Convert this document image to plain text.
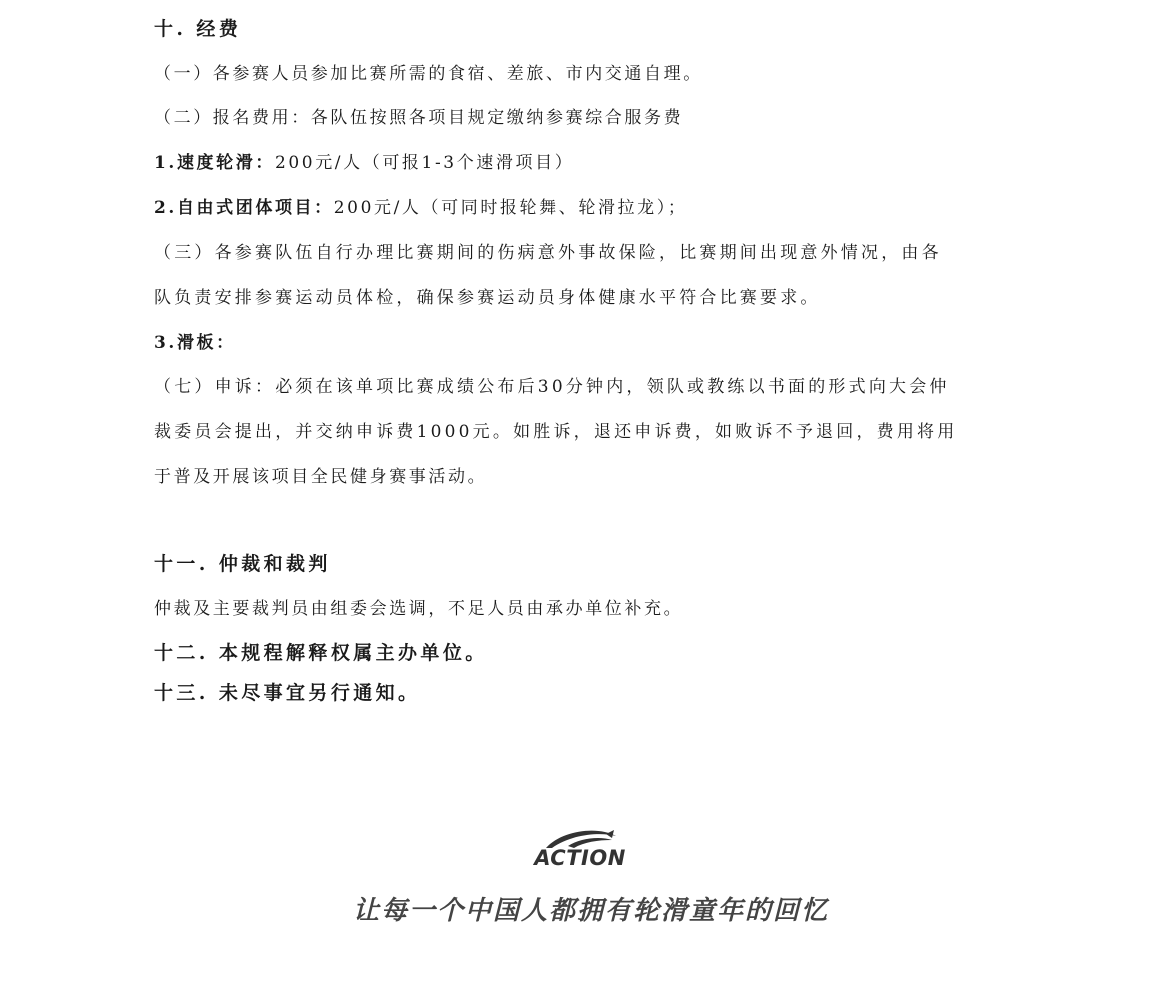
十. 经费
（一）各参赛人员参加比赛所需的食宿、差旅、市内交通自理。
（二）报名费用：各队伍按照各项目规定缴纳参赛综合服务费
1.速度轮滑：200元/人（可报1-3个速滑项目）
2.自由式团体项目：200元/人（可同时报轮舞、轮滑拉龙）；
（三）各参赛队伍自行办理比赛期间的伤病意外事故保险，比赛期间出现意外情况，由各
队负责安排参赛运动员体检，确保参赛运动员身体健康水平符合比赛要求。
3.滑板：
（七）申诉：必须在该单项比赛成绩公布后30分钟内，领队或教练以书面的形式向大会仲
裁委员会提出，并交纳申诉费1000元。如胜诉，退还申诉费，如败诉不予退回，费用将用
于普及开展该项目全民健身赛事活动。
十一. 仲裁和裁判
仲裁及主要裁判员由组委会选调，不足人员由承办单位补充。
十二. 本规程解释权属主办单位。
十三. 未尽事宜另行通知。
ACTION
让每一个中国人都拥有轮滑童年的回忆
